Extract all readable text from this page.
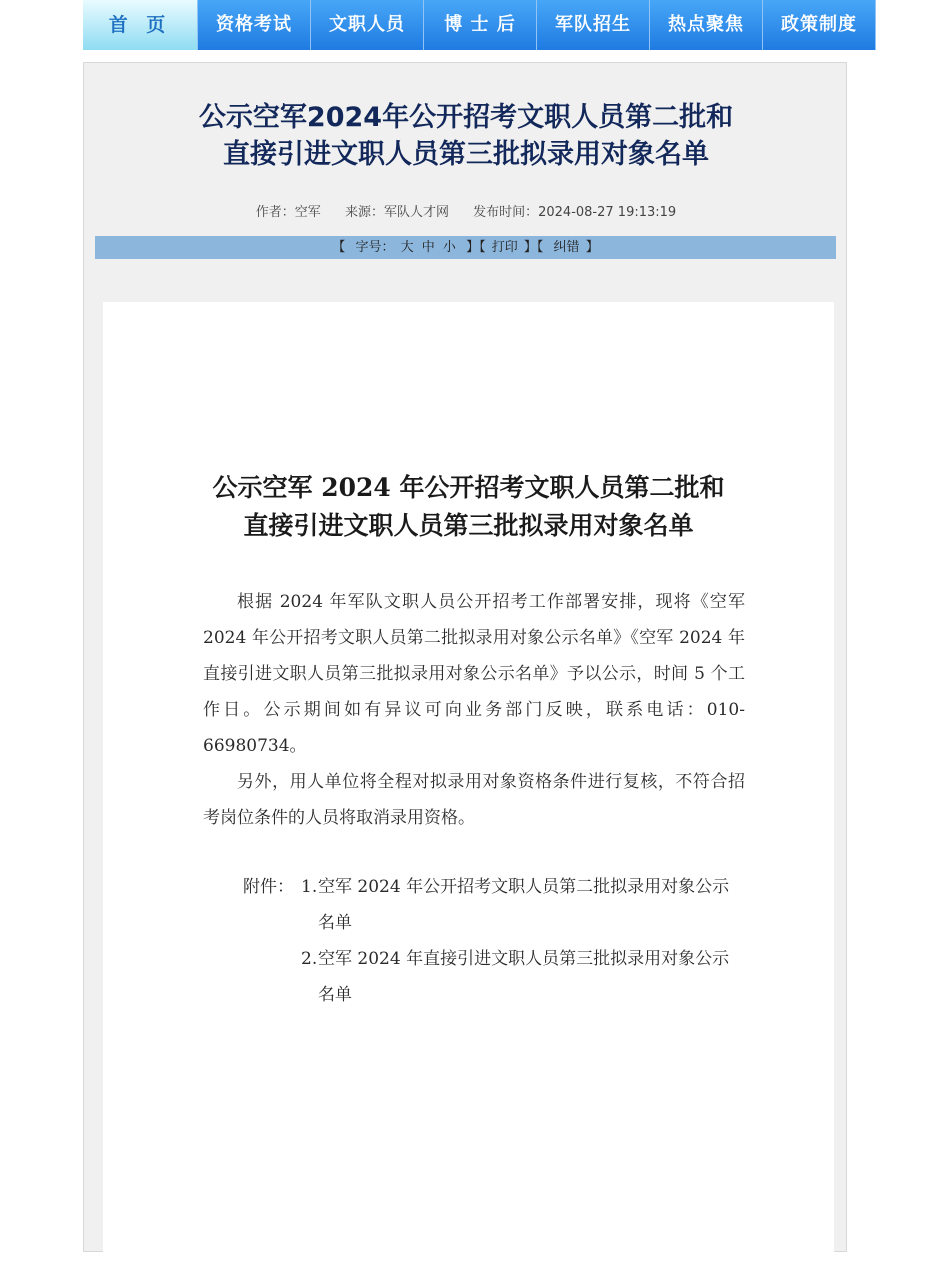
首 页	资格考试	文职人员	博 士 后	军队招生	热点聚焦	政策制度
公示空军2024年公开招考文职人员第二批和
直接引进文职人员第三批拟录用对象名单
作者：空军 来源：军队人才网 发布时间：2024-08-27 19:13:19
【 字号： 大 中 小 】【 打印 】【 纠错 】
公示空军 2024 年公开招考文职人员第二批和
直接引进文职人员第三批拟录用对象名单

根据 2024 年军队文职人员公开招考工作部署安排，现将《空军 2024 年公开招考文职人员第二批拟录用对象公示名单》《空军 2024 年直接引进文职人员第三批拟录用对象公示名单》予以公示，时间 5 个工作日。公示期间如有异议可向业务部门反映，联系电话：010-66980734。

另外，用人单位将全程对拟录用对象资格条件进行复核，不符合招考岗位条件的人员将取消录用资格。

附件： 1. 空军 2024 年公开招考文职人员第二批拟录用对象公示名单
2. 空军 2024 年直接引进文职人员第三批拟录用对象公示名单
